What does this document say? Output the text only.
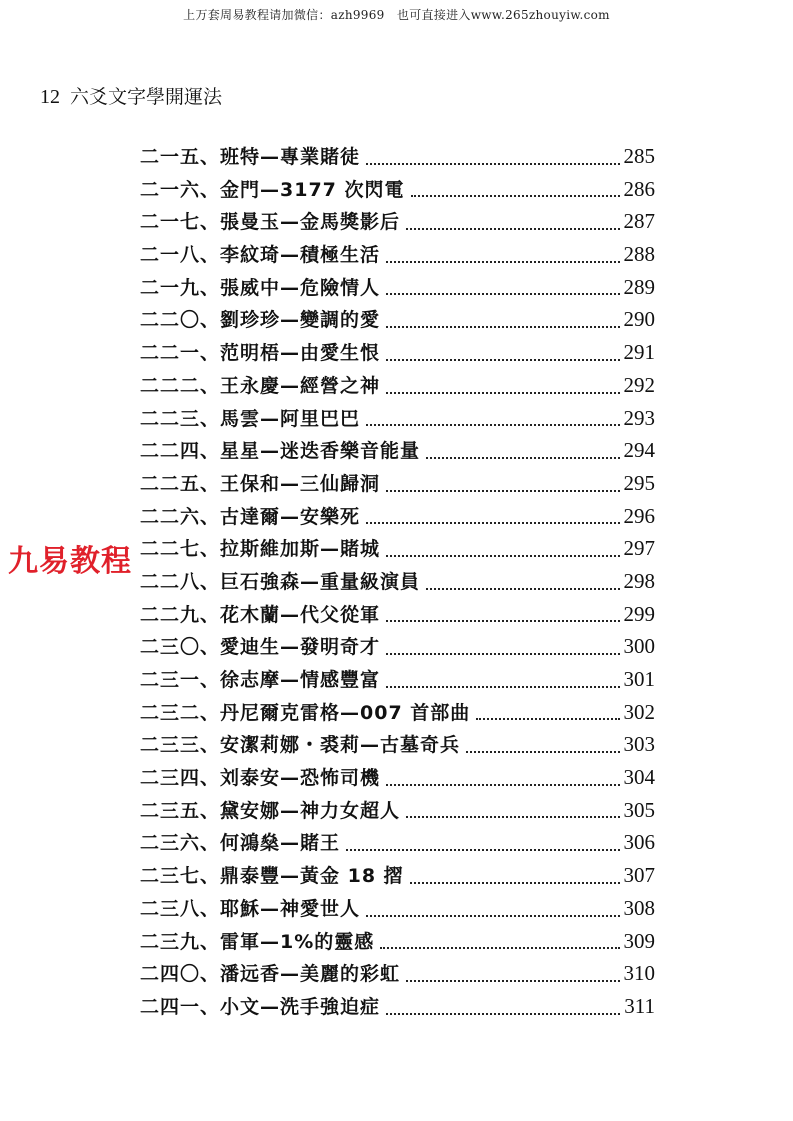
上万套周易教程请加微信：azh9969　也可直接进入www.265zhouyiw.com
12 六爻文字學開運法
九易教程
二一五、班特—專業賭徒	285
二一六、金門—3177 次閃電	286
二一七、張曼玉—金馬獎影后	287
二一八、李紋琦—積極生活	288
二一九、張威中—危險情人	289
二二〇、劉珍珍—變調的愛	290
二二一、范明梧—由愛生恨	291
二二二、王永慶—經營之神	292
二二三、馬雲—阿里巴巴	293
二二四、星星—迷迭香樂音能量	294
二二五、王保和—三仙歸洞	295
二二六、古達爾—安樂死	296
二二七、拉斯維加斯—賭城	297
二二八、巨石強森—重量級演員	298
二二九、花木蘭—代父從軍	299
二三〇、愛迪生—發明奇才	300
二三一、徐志摩—情感豐富	301
二三二、丹尼爾克雷格—007 首部曲	302
二三三、安潔莉娜・裘莉—古墓奇兵	303
二三四、刘泰安—恐怖司機	304
二三五、黛安娜—神力女超人	305
二三六、何鴻燊—賭王	306
二三七、鼎泰豐—黃金 18 摺	307
二三八、耶穌—神愛世人	308
二三九、雷軍—1%的靈感	309
二四〇、潘远香—美麗的彩虹	310
二四一、小文—洗手強迫症	311
